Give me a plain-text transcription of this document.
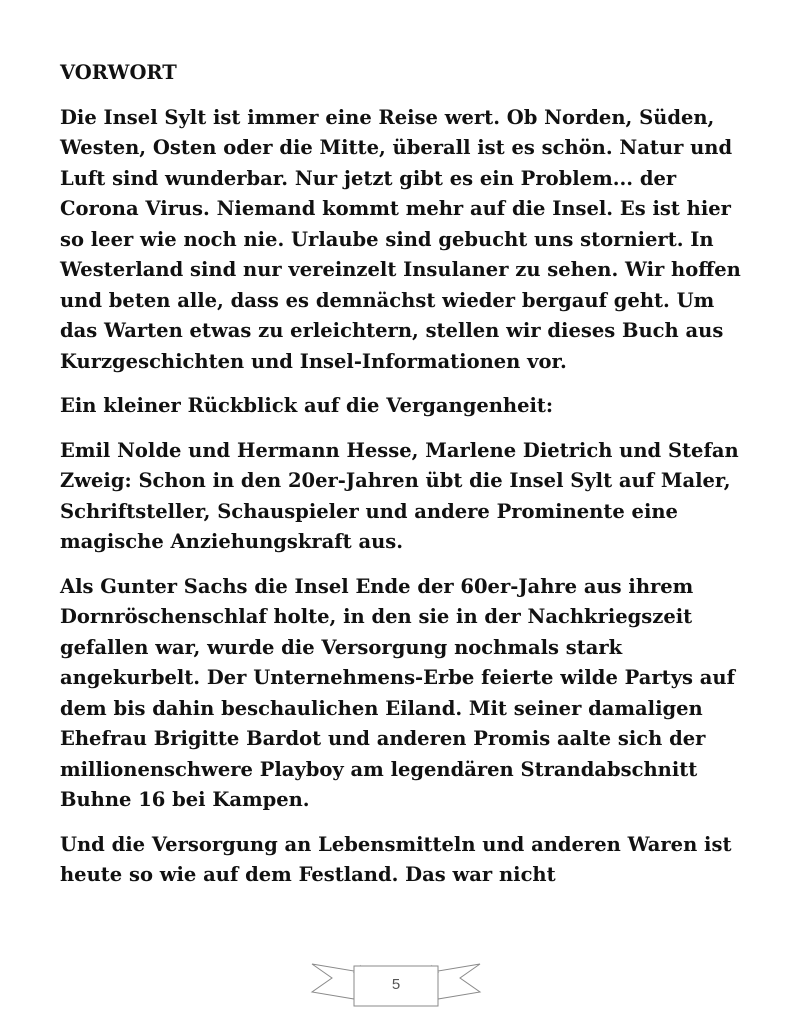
VORWORT

Die Insel Sylt ist immer eine Reise wert. Ob Norden, Süden, Westen, Osten oder die Mitte, überall ist es schön. Natur und Luft sind wunderbar. Nur jetzt gibt es ein Problem... der Corona Virus. Niemand kommt mehr auf die Insel. Es ist hier so leer wie noch nie. Urlaube sind gebucht uns storniert. In Westerland sind nur vereinzelt Insulaner zu sehen. Wir hoffen und beten alle, dass es demnächst wieder bergauf geht. Um das Warten etwas zu erleichtern, stellen wir dieses Buch aus Kurzgeschichten und Insel-Informationen vor.

Ein kleiner Rückblick auf die Vergangenheit:

Emil Nolde und Hermann Hesse, Marlene Dietrich und Stefan Zweig: Schon in den 20er-Jahren übt die Insel Sylt auf Maler, Schriftsteller, Schauspieler und andere Prominente eine magische Anziehungskraft aus.

Als Gunter Sachs die Insel Ende der 60er-Jahre aus ihrem Dornröschenschlaf holte, in den sie in der Nachkriegszeit gefallen war, wurde die Versorgung nochmals stark angekurbelt. Der Unternehmens-Erbe feierte wilde Partys auf dem bis dahin beschaulichen Eiland. Mit seiner damaligen Ehefrau Brigitte Bardot und anderen Promis aalte sich der millionenschwere Playboy am legendären Strandabschnitt Buhne 16 bei Kampen.

Und die Versorgung an Lebensmitteln und anderen Waren ist heute so wie auf dem Festland. Das war nicht

5
